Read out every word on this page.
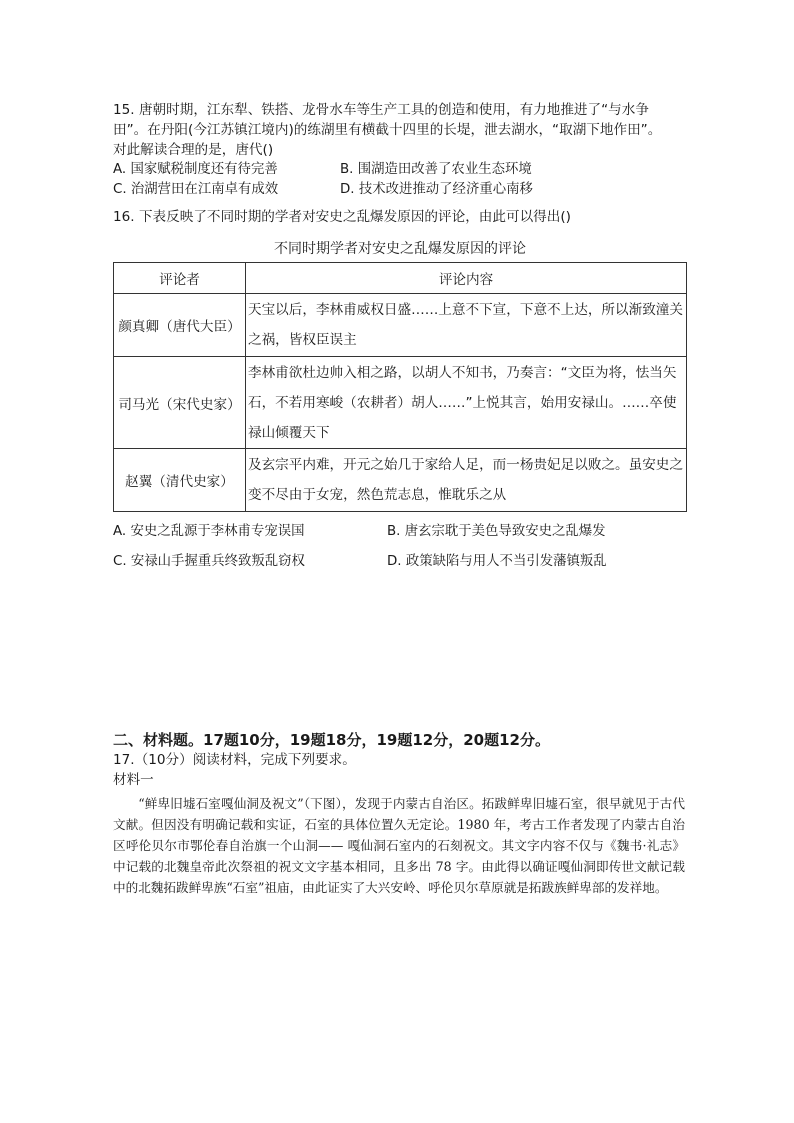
15. 唐朝时期，江东犁、铁搭、龙骨水车等生产工具的创造和使用，有力地推进了“与水争
田”。在丹阳(今江苏镇江境内)的练湖里有横截十四里的长堤，泄去湖水，“取湖下地作田”。
对此解读合理的是，唐代()
A. 国家赋税制度还有待完善	B. 围湖造田改善了农业生态环境
C. 治湖营田在江南卓有成效	D. 技术改进推动了经济重心南移
16. 下表反映了不同时期的学者对安史之乱爆发原因的评论，由此可以得出()
不同时期学者对安史之乱爆发原因的评论
评论者	评论内容
颜真卿（唐代大臣）	天宝以后，李林甫威权日盛……上意不下宣，下意不上达，所以渐致潼关
之祸，皆权臣误主

司马光（宋代史家）	李林甫欲杜边帅入相之路，以胡人不知书，乃奏言：“文臣为将，怯当矢
石，不若用寒峻（农耕者）胡人……”上悦其言，始用安禄山。……卒使
禄山倾覆天下

赵翼（清代史家）	及玄宗平内难，开元之始几于家给人足，而一杨贵妃足以败之。虽安史之
变不尽由于女宠，然色荒志息，惟耽乐之从
A. 安史之乱源于李林甫专宠误国	B. 唐玄宗耽于美色导致安史之乱爆发
C. 安禄山手握重兵终致叛乱窃权	D. 政策缺陷与用人不当引发藩镇叛乱
二、材料题。17题10分，19题18分，19题12分，20题12分。
17.（10分）阅读材料，完成下列要求。
材料一
“鲜卑旧墟石室嘎仙洞及祝文”（下图），发现于内蒙古自治区。拓跋鲜卑旧墟石室，很早就见于古代文献。但因没有明确记载和实证，石室的具体位置久无定论。1980 年，考古工作者发现了内蒙古自治区呼伦贝尔市鄂伦春自治旗一个山洞—— 嘎仙洞石室内的石刻祝文。其文字内容不仅与《魏书·礼志》中记载的北魏皇帝此次祭祖的祝文文字基本相同，且多出 78 字。由此得以确证嘎仙洞即传世文献记载中的北魏拓跋鲜卑族“石室”祖庙，由此证实了大兴安岭、呼伦贝尔草原就是拓跋族鲜卑部的发祥地。
